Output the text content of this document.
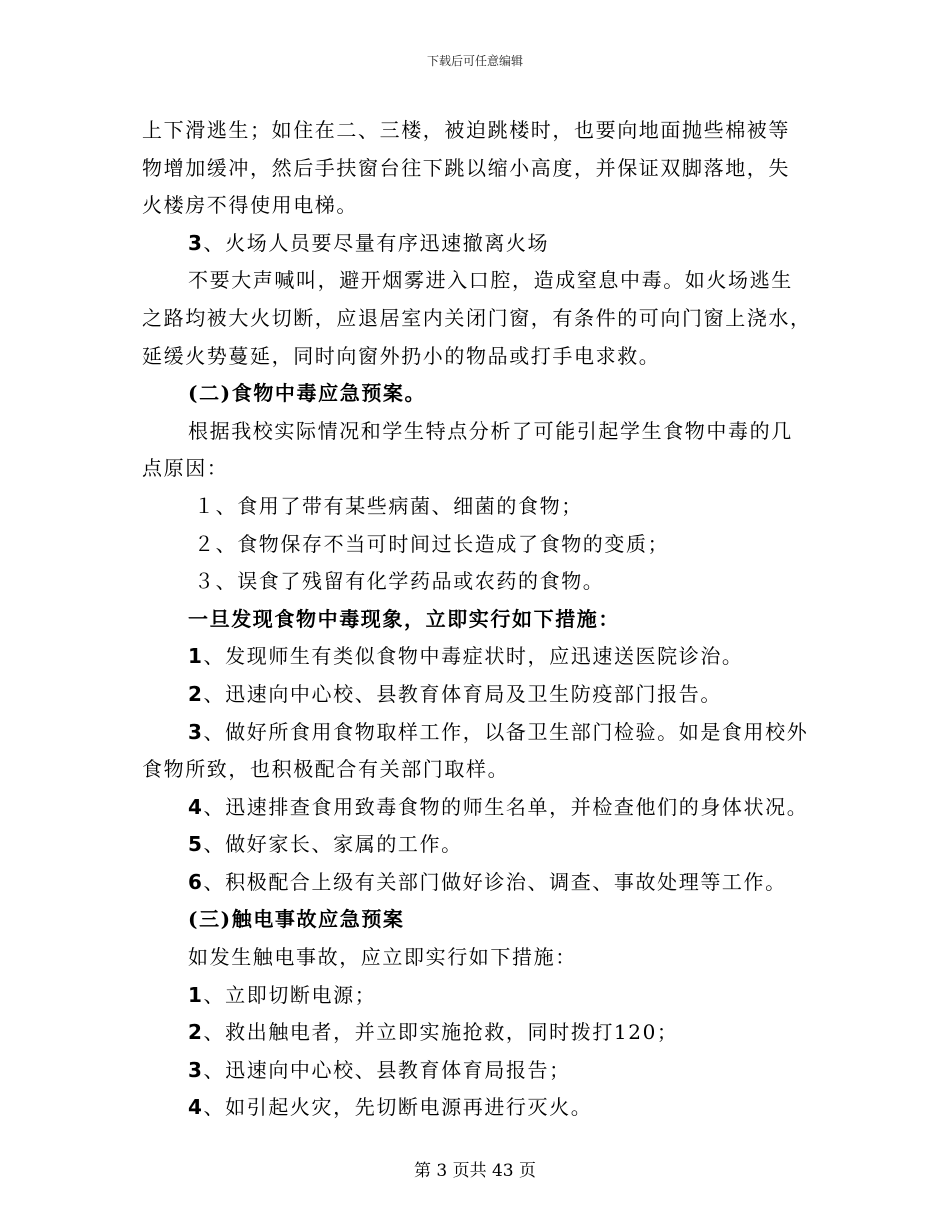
下载后可任意编辑
上下滑逃生；如住在二、三楼，被迫跳楼时，也要向地面抛些棉被等
物增加缓冲，然后手扶窗台往下跳以缩小高度，并保证双脚落地，失
火楼房不得使用电梯。
3、火场人员要尽量有序迅速撤离火场
不要大声喊叫，避开烟雾进入口腔，造成窒息中毒。如火场逃生
之路均被大火切断，应退居室内关闭门窗，有条件的可向门窗上浇水，
延缓火势蔓延，同时向窗外扔小的物品或打手电求救。
(二)食物中毒应急预案。
根据我校实际情况和学生特点分析了可能引起学生食物中毒的几
点原因：
１、食用了带有某些病菌、细菌的食物；
２、食物保存不当可时间过长造成了食物的变质；
３、误食了残留有化学药品或农药的食物。
一旦发现食物中毒现象，立即实行如下措施：
1、发现师生有类似食物中毒症状时，应迅速送医院诊治。
2、迅速向中心校、县教育体育局及卫生防疫部门报告。
3、做好所食用食物取样工作，以备卫生部门检验。如是食用校外
食物所致，也积极配合有关部门取样。
4、迅速排查食用致毒食物的师生名单，并检查他们的身体状况。
5、做好家长、家属的工作。
6、积极配合上级有关部门做好诊治、调查、事故处理等工作。
(三)触电事故应急预案
如发生触电事故，应立即实行如下措施：
1、立即切断电源；
2、救出触电者，并立即实施抢救，同时拨打120；
3、迅速向中心校、县教育体育局报告；
4、如引起火灾，先切断电源再进行灭火。
第 3 页共 43 页
